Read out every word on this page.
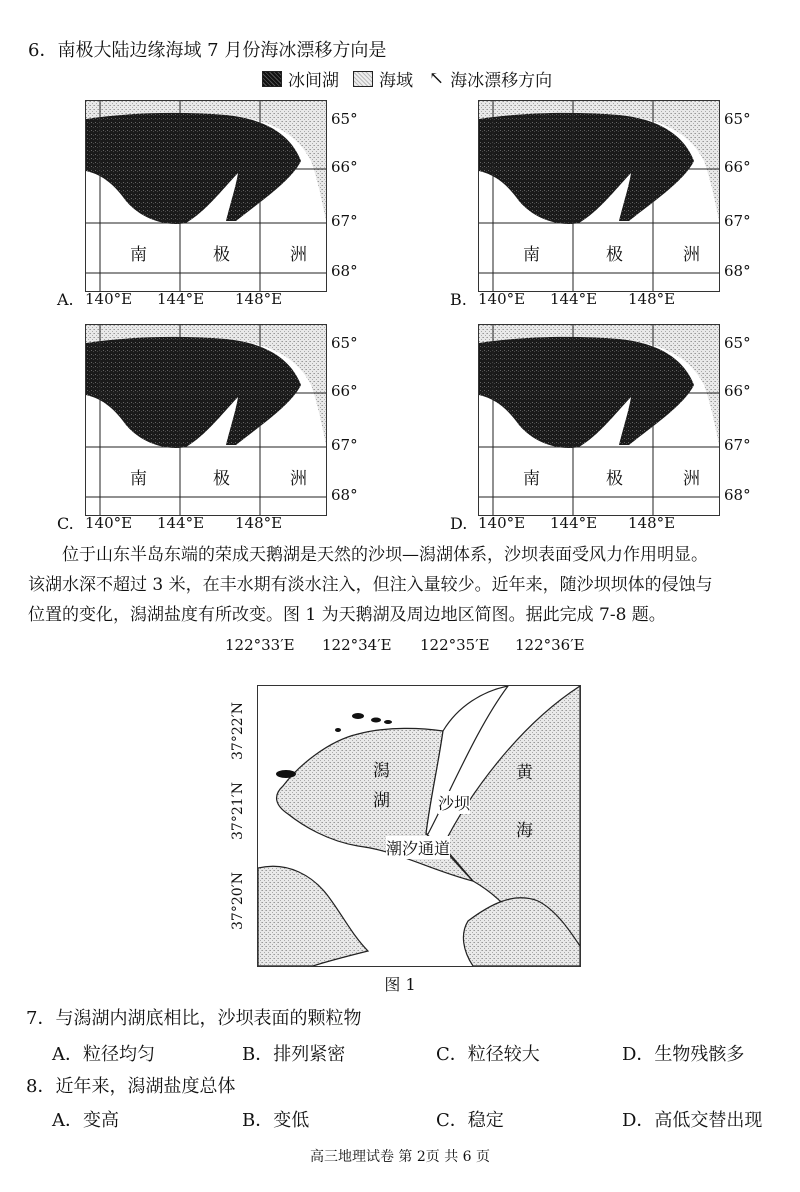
6．南极大陆边缘海域 7 月份海冰漂移方向是
冰间湖 海域 ↖ 海冰漂移方向
65°
66°
67°
68°
140°E 144°E 148°E
A.
南	极	洲
65°
66°
67°
68°
140°E 144°E 148°E
B.
南	极	洲
65°
66°
67°
68°
140°E 144°E 148°E
C.
南	极	洲
65°
66°
67°
68°
140°E 144°E 148°E
D.
南	极	洲
位于山东半岛东端的荣成天鹅湖是天然的沙坝—潟湖体系，沙坝表面受风力作用明显。
该湖水深不超过 3 米，在丰水期有淡水注入，但注入量较少。近年来，随沙坝坝体的侵蚀与
位置的变化，潟湖盐度有所改变。图 1 为天鹅湖及周边地区简图。据此完成 7-8 题。
122°33′E 122°34′E 122°35′E 122°36′E
37°22′N
37°21′N
37°20′N
潟
湖	沙坝
潮汐通道
黄
海
图 1
7．与潟湖内湖底相比，沙坝表面的颗粒物
A．粒径均匀	B．排列紧密	C．粒径较大	D．生物残骸多
8．近年来，潟湖盐度总体
A．变高	B．变低	C．稳定	D．高低交替出现
高三地理试卷 第 2页 共 6 页
